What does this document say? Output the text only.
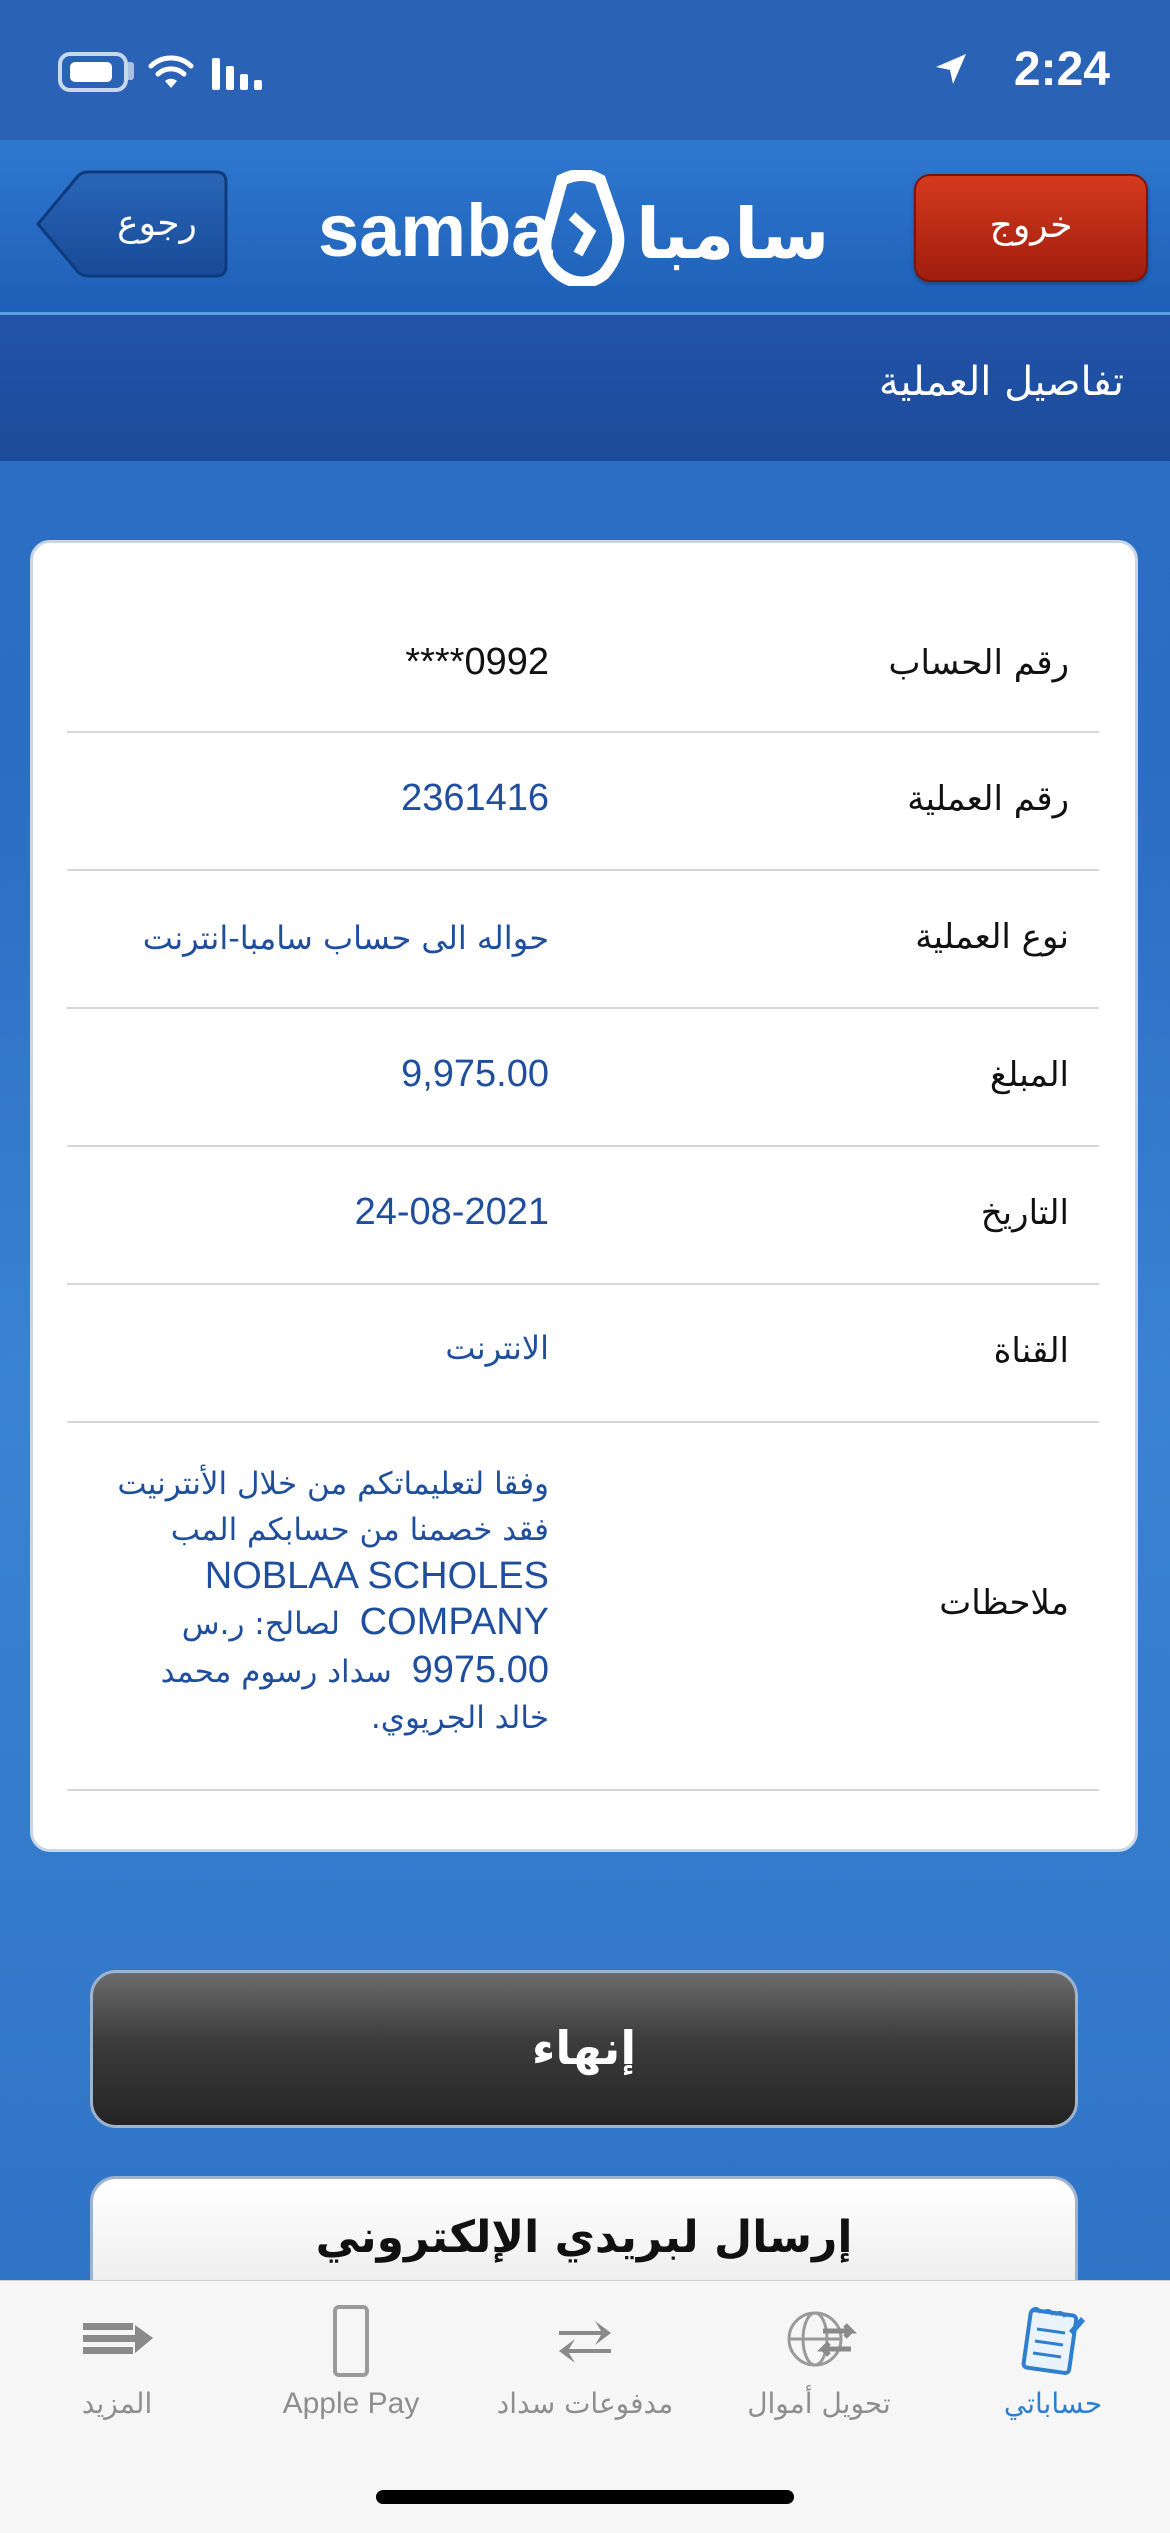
2:24
رجوع	samba سامبا	خروج
تفاصيل العملية
رقم الحساب
****0992
رقم العملية
2361416
نوع العملية
حواله الى حساب سامبا-انترنت
المبلغ
9,975.00
التاريخ
24-08-2021
القناة
الانترنت
ملاحظات
وفقا لتعليماتكم من خلال الأنترنيت
فقد خصمنا من حسابكم المب
NOBLAA SCHOLES
COMPANY  لصالح: ر.س
9975.00  سداد رسوم محمد
خالد الجريوي.
إنهاء
إرسال لبريدي الإلكتروني
حساباتي
تحويل أموال
مدفوعات سداد
Apple Pay
المزيد
